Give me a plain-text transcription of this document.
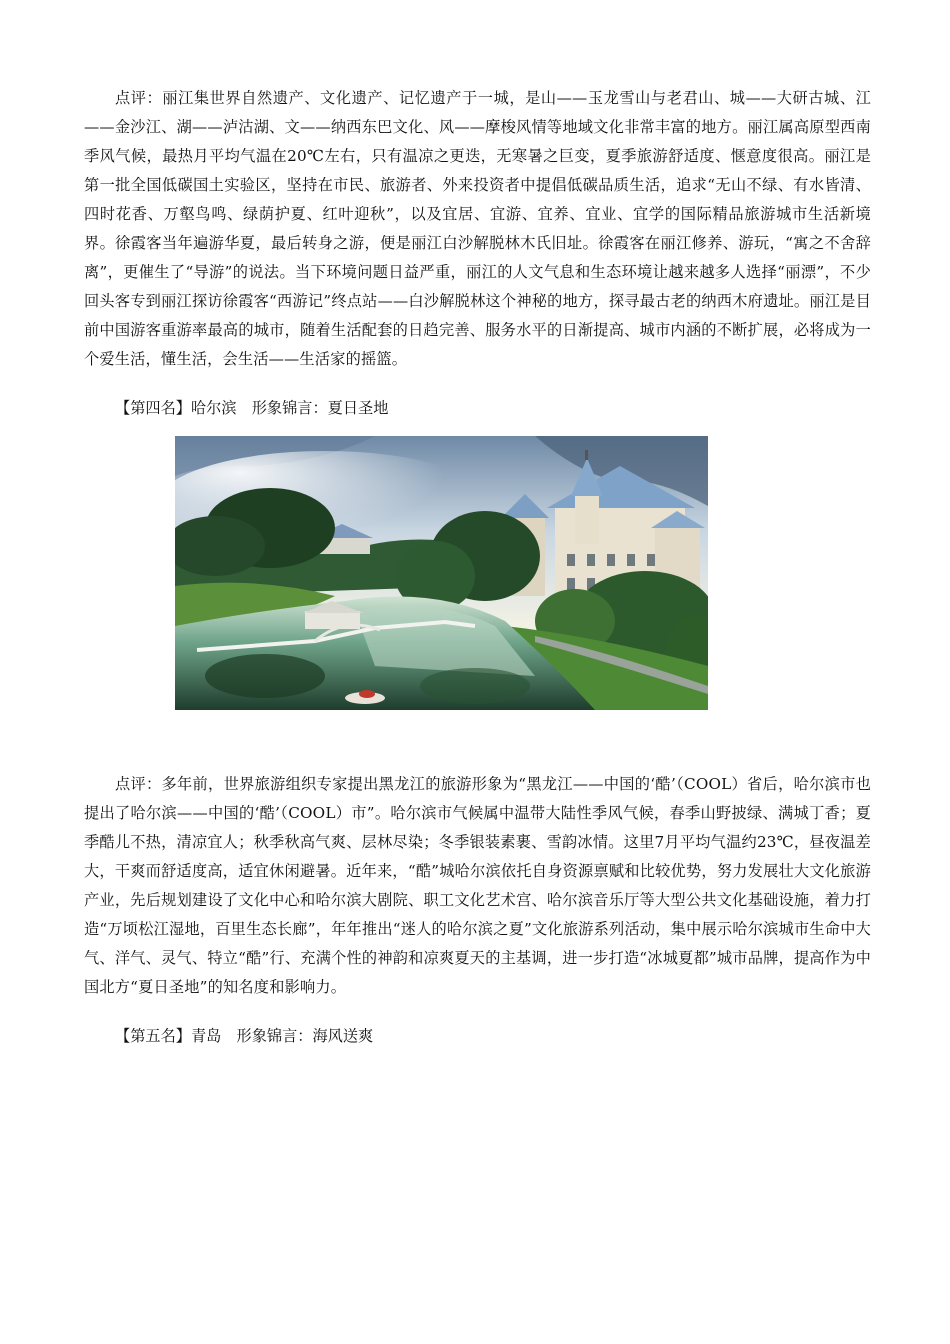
点评：丽江集世界自然遗产、文化遗产、记忆遗产于一城，是山——玉龙雪山与老君山、城——大研古城、江——金沙江、湖——泸沽湖、文——纳西东巴文化、风——摩梭风情等地域文化非常丰富的地方。丽江属高原型西南季风气候，最热月平均气温在20℃左右，只有温凉之更迭，无寒暑之巨变，夏季旅游舒适度、惬意度很高。丽江是第一批全国低碳国土实验区，坚持在市民、旅游者、外来投资者中提倡低碳品质生活，追求“无山不绿、有水皆清、四时花香、万壑鸟鸣、绿荫护夏、红叶迎秋”，以及宜居、宜游、宜养、宜业、宜学的国际精品旅游城市生活新境界。徐霞客当年遍游华夏，最后转身之游，便是丽江白沙解脱林木氏旧址。徐霞客在丽江修养、游玩，“寓之不舍辞离”，更催生了“导游”的说法。当下环境问题日益严重，丽江的人文气息和生态环境让越来越多人选择“丽漂”，不少回头客专到丽江探访徐霞客“西游记”终点站——白沙解脱林这个神秘的地方，探寻最古老的纳西木府遗址。丽江是目前中国游客重游率最高的城市，随着生活配套的日趋完善、服务水平的日渐提高、城市内涵的不断扩展，必将成为一个爱生活，懂生活，会生活——生活家的摇篮。

【第四名】哈尔滨　形象锦言：夏日圣地

点评：多年前，世界旅游组织专家提出黑龙江的旅游形象为“黑龙江——中国的‘酷’（COOL）省后，哈尔滨市也提出了哈尔滨——中国的‘酷’（COOL）市”。哈尔滨市气候属中温带大陆性季风气候，春季山野披绿、满城丁香；夏季酷儿不热，清凉宜人；秋季秋高气爽、层林尽染；冬季银装素裹、雪韵冰情。这里7月平均气温约23℃，昼夜温差大，干爽而舒适度高，适宜休闲避暑。近年来，“酷”城哈尔滨依托自身资源禀赋和比较优势，努力发展壮大文化旅游产业，先后规划建设了文化中心和哈尔滨大剧院、职工文化艺术宫、哈尔滨音乐厅等大型公共文化基础设施，着力打造“万顷松江湿地，百里生态长廊”，年年推出“迷人的哈尔滨之夏”文化旅游系列活动，集中展示哈尔滨城市生命中大气、洋气、灵气、特立“酷”行、充满个性的神韵和凉爽夏天的主基调，进一步打造“冰城夏都”城市品牌，提高作为中国北方“夏日圣地”的知名度和影响力。

【第五名】青岛　形象锦言：海风送爽
